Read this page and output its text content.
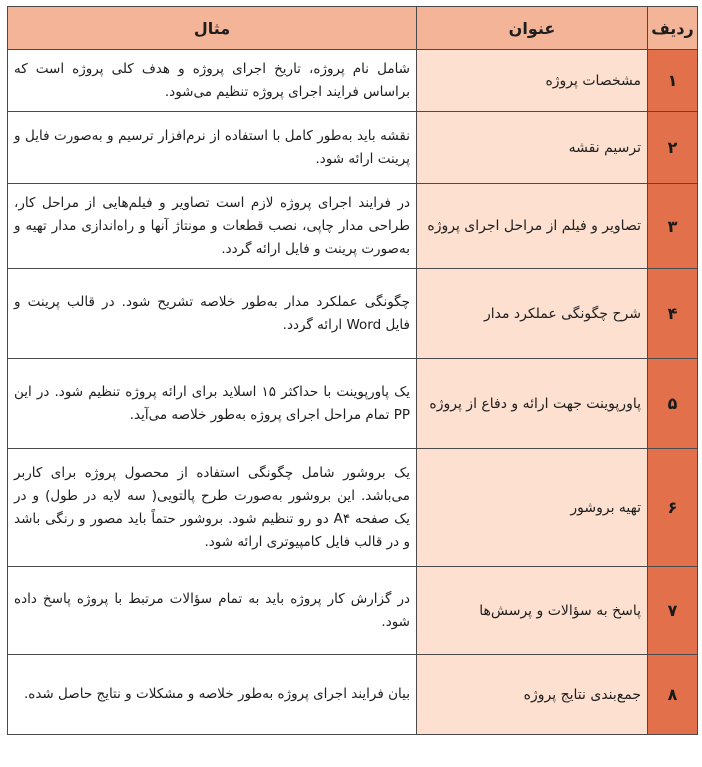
ردیف	عنوان	مثال
۱	مشخصات پروژه	شامل نام پروژه، تاریخ اجرای پروژه و هدف کلی پروژه است که براساس فرایند اجرای پروژه تنظیم می‌شود.
۲	ترسیم نقشه	نقشه باید به‌طور کامل با استفاده از نرم‌افزار ترسیم و به‌صورت فایل و پرینت ارائه شود.
۳	تصاویر و فیلم از مراحل اجرای پروژه	در فرایند اجرای پروژه لازم است تصاویر و فیلم‌هایی از مراحل کار، طراحی مدار چاپی، نصب قطعات و مونتاژ آنها و راه‌اندازی مدار تهیه و به‌صورت پرینت و فایل ارائه گردد.
۴	شرح چگونگی عملکرد مدار	چگونگی عملکرد مدار به‌طور خلاصه تشریح شود. در قالب پرینت و فایل Word ارائه گردد.
۵	پاورپوینت جهت ارائه و دفاع از پروژه	یک پاورپوینت با حداکثر ۱۵ اسلاید برای ارائه پروژه تنظیم شود. در این PP تمام مراحل اجرای پروژه به‌طور خلاصه می‌آید.
۶	تهیه بروشور	یک بروشور شامل چگونگی استفاده از محصول پروژه برای کاربر می‌باشد. این بروشور به‌صورت طرح پالتویی( سه لایه در طول) و در یک صفحه A۴ دو رو تنظیم شود. بروشور حتماً باید مصور و رنگی باشد و در قالب فایل کامپیوتری ارائه شود.
۷	پاسخ به سؤالات و پرسش‌ها	در گزارش کار پروژه باید به تمام سؤالات مرتبط با پروژه پاسخ داده شود.
۸	جمع‌بندی نتایج پروژه	بیان فرایند اجرای پروژه به‌طور خلاصه و مشکلات و نتایج حاصل شده.
